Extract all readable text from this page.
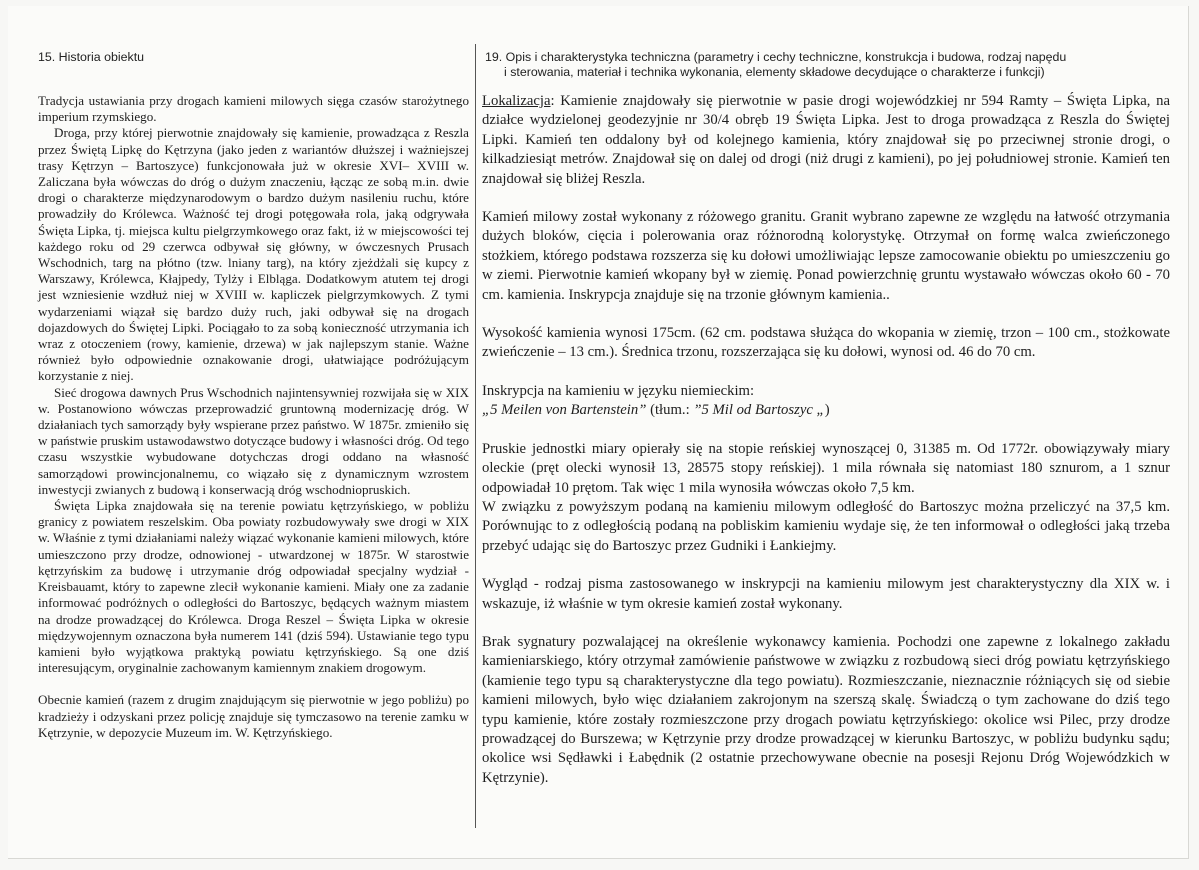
15. Historia obiektu	19. Opis i charakterystyka techniczna (parametry i cechy techniczne, konstrukcja i budowa, rodzaj napędu
i sterowania, materiał i technika wykonania, elementy składowe decydujące o charakterze i funkcji)

Tradycja ustawiania przy drogach kamieni milowych sięga czasów starożytnego imperium rzymskiego.

Droga, przy której pierwotnie znajdowały się kamienie, prowadząca z Reszla przez Świętą Lipkę do Kętrzyna (jako jeden z wariantów dłuższej i ważniejszej trasy Kętrzyn – Bartoszyce) funkcjonowała już w okresie XVI– XVIII w. Zaliczana była wówczas do dróg o dużym znaczeniu, łącząc ze sobą m.in. dwie drogi o charakterze międzynarodowym o bardzo dużym nasileniu ruchu, które prowadziły do Królewca. Ważność tej drogi potęgowała rola, jaką odgrywała Święta Lipka, tj. miejsca kultu pielgrzymkowego oraz fakt, iż w miejscowości tej każdego roku od 29 czerwca odbywał się główny, w ówczesnych Prusach Wschodnich, targ na płótno (tzw. lniany targ), na który zjeżdżali się kupcy z Warszawy, Królewca, Kłajpedy, Tylży i Elbląga. Dodatkowym atutem tej drogi jest wzniesienie wzdłuż niej w XVIII w. kapliczek pielgrzymkowych. Z tymi wydarzeniami wiązał się bardzo duży ruch, jaki odbywał się na drogach dojazdowych do Świętej Lipki. Pociągało to za sobą konieczność utrzymania ich wraz z otoczeniem (rowy, kamienie, drzewa) w jak najlepszym stanie. Ważne również było odpowiednie oznakowanie drogi, ułatwiające podróżującym korzystanie z niej.

Sieć drogowa dawnych Prus Wschodnich najintensywniej rozwijała się w XIX w. Postanowiono wówczas przeprowadzić gruntowną modernizację dróg. W działaniach tych samorządy były wspierane przez państwo. W 1875r. zmieniło się w państwie pruskim ustawodawstwo dotyczące budowy i własności dróg. Od tego czasu wszystkie wybudowane dotychczas drogi oddano na własność samorządowi prowincjonalnemu, co wiązało się z dynamicznym wzrostem inwestycji zwianych z budową i konserwacją dróg wschodniopruskich.

Święta Lipka znajdowała się na terenie powiatu kętrzyńskiego, w pobliżu granicy z powiatem reszelskim. Oba powiaty rozbudowywały swe drogi w XIX w. Właśnie z tymi działaniami należy wiązać wykonanie kamieni milowych, które umieszczono przy drodze, odnowionej - utwardzonej w 1875r. W starostwie kętrzyńskim za budowę i utrzymanie dróg odpowiadał specjalny wydział - Kreisbauamt, który to zapewne zlecił wykonanie kamieni. Miały one za zadanie informować podróżnych o odległości do Bartoszyc, będących ważnym miastem na drodze prowadzącej do Królewca. Droga Reszel – Święta Lipka w okresie międzywojennym oznaczona była numerem 141 (dziś 594). Ustawianie tego typu kamieni było wyjątkowa praktyką powiatu kętrzyńskiego. Są one dziś interesującym, oryginalnie zachowanym kamiennym znakiem drogowym.

Obecnie kamień (razem z drugim znajdującym się pierwotnie w jego pobliżu) po kradzieży i odzyskani przez policję znajduje się tymczasowo na terenie zamku w Kętrzynie, w depozycie Muzeum im. W. Kętrzyńskiego.

Lokalizacja: Kamienie znajdowały się pierwotnie w pasie drogi wojewódzkiej nr 594 Ramty – Święta Lipka, na działce wydzielonej geodezyjnie nr 30/4 obręb 19 Święta Lipka. Jest to droga prowadząca z Reszla do Świętej Lipki. Kamień ten oddalony był od kolejnego kamienia, który znajdował się po przeciwnej stronie drogi, o kilkadziesiąt metrów. Znajdował się on dalej od drogi (niż drugi z kamieni), po jej południowej stronie. Kamień ten znajdował się bliżej Reszla.

Kamień milowy został wykonany z różowego granitu. Granit wybrano zapewne ze względu na łatwość otrzymania dużych bloków, cięcia i polerowania oraz różnorodną kolorystykę. Otrzymał on formę walca zwieńczonego stożkiem, którego podstawa rozszerza się ku dołowi umożliwiając lepsze zamocowanie obiektu po umieszczeniu go w ziemi. Pierwotnie kamień wkopany był w ziemię. Ponad powierzchnię gruntu wystawało wówczas około 60 - 70 cm. kamienia. Inskrypcja znajduje się na trzonie głównym kamienia..

Wysokość kamienia wynosi 175cm. (62 cm. podstawa służąca do wkopania w ziemię, trzon – 100 cm., stożkowate zwieńczenie – 13 cm.). Średnica trzonu, rozszerzająca się ku dołowi, wynosi od. 46 do 70 cm.

Inskrypcja na kamieniu w języku niemieckim:
„5 Meilen von Bartenstein” (tłum.: ”5 Mil od Bartoszyc „)

Pruskie jednostki miary opierały się na stopie reńskiej wynoszącej 0, 31385 m. Od 1772r. obowiązywały miary oleckie (pręt olecki wynosił 13, 28575 stopy reńskiej). 1 mila równała się natomiast 180 sznurom, a 1 sznur odpowiadał 10 prętom. Tak więc 1 mila wynosiła wówczas około 7,5 km.

W związku z powyższym podaną na kamieniu milowym odległość do Bartoszyc można przeliczyć na 37,5 km. Porównując to z odległością podaną na pobliskim kamieniu wydaje się, że ten informował o odległości jaką trzeba przebyć udając się do Bartoszyc przez Gudniki i Łankiejmy.

Wygląd - rodzaj pisma zastosowanego w inskrypcji na kamieniu milowym jest charakterystyczny dla XIX w. i wskazuje, iż właśnie w tym okresie kamień został wykonany.

Brak sygnatury pozwalającej na określenie wykonawcy kamienia. Pochodzi one zapewne z lokalnego zakładu kamieniarskiego, który otrzymał zamówienie państwowe w związku z rozbudową sieci dróg powiatu kętrzyńskiego (kamienie tego typu są charakterystyczne dla tego powiatu). Rozmieszczanie, nieznacznie różniących się od siebie kamieni milowych, było więc działaniem zakrojonym na szerszą skalę. Świadczą o tym zachowane do dziś tego typu kamienie, które zostały rozmieszczone przy drogach powiatu kętrzyńskiego: okolice wsi Pilec, przy drodze prowadzącej do Burszewa; w Kętrzynie przy drodze prowadzącej w kierunku Bartoszyc, w pobliżu budynku sądu; okolice wsi Sędławki i Łabędnik (2 ostatnie przechowywane obecnie na posesji Rejonu Dróg Wojewódzkich w Kętrzynie).
